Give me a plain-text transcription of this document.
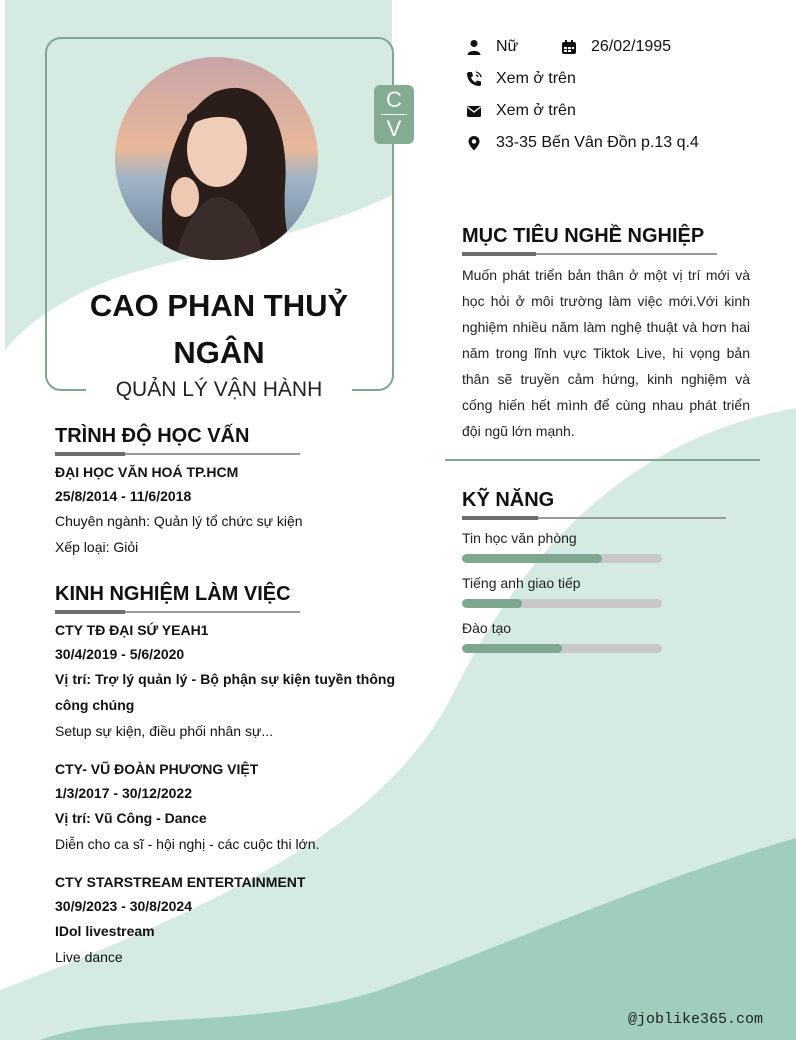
C
V
CAO PHAN THUỶ
NGÂN
QUẢN LÝ VẬN HÀNH
Nữ	26/02/1995
Xem ở trên
Xem ở trên
33-35 Bến Vân Đồn p.13 q.4
MỤC TIÊU NGHỀ NGHIỆP
Muốn phát triển bản thân ở một vị trí mới và học hỏi ở môi trường làm việc mới.Với kinh nghiệm nhiều năm làm nghệ thuật và hơn hai năm trong lĩnh vực Tiktok Live, hi vọng bản thân sẽ truyền cảm hứng, kinh nghiệm và cống hiến hết mình để cùng nhau phát triển đội ngũ lớn mạnh.
KỸ NĂNG
Tin học văn phòng
Tiếng anh giao tiếp
Đào tạo
TRÌNH ĐỘ HỌC VẤN
ĐẠI HỌC VĂN HOÁ TP.HCM
25/8/2014 - 11/6/2018
Chuyên ngành: Quản lý tổ chức sự kiện
Xếp loại: Giỏi
KINH NGHIỆM LÀM VIỆC
CTY TĐ ĐẠI SỨ YEAH1
30/4/2019 - 5/6/2020
Vị trí: Trợ lý quản lý - Bộ phận sự kiện tuyền thông
công chúng
Setup sự kiện, điều phối nhân sự...
CTY- VŨ ĐOÀN PHƯƠNG VIỆT
1/3/2017 - 30/12/2022
Vị trí: Vũ Công - Dance
Diễn cho ca sĩ - hội nghị - các cuộc thi lớn.
CTY STARSTREAM ENTERTAINMENT
30/9/2023 - 30/8/2024
IDol livestream
Live dance
@joblike365.com
